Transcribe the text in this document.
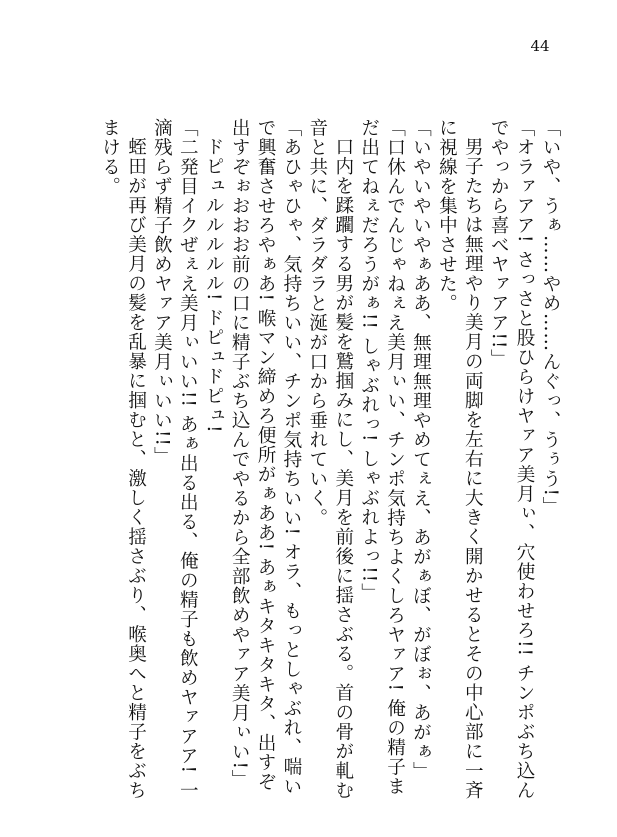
44

「いや、うぁ……やめ……んぐっ、うぅう!」

「オラァアア! さっさと股ひらけヤァア美月ぃ、穴使わせろ!! チンポぶち込んでやっから喜べヤァアア!!」

男子たちは無理やり美月の両脚を左右に大きく開かせるとその中心部に一斉に視線を集中させた。

「いやいやいやぁああ、無理無理やめてぇえ、あがぁぼ、がぼぉ、あがぁ」

「口休んでんじゃねぇえ美月ぃい、チンポ気持ちよくしろヤァア! 俺の精子まだ出てねぇだろうがぁ!! しゃぶれっ! しゃぶれよっ!!」

口内を蹂躙する男が髪を鷲掴みにし、美月を前後に揺さぶる。首の骨が軋む音と共に、ダラダラと涎が口から垂れていく。

「あひゃひゃ、気持ちいい、チンポ気持ちいい! オラ、もっとしゃぶれ、喘いで興奮させろやぁあ! 喉マン締めろ便所がぁああ! あぁキタキタキタ、出すぞ出すぞぉおおお前の口に精子ぶち込んでやるから全部飲めやァア美月ぃい!」

ドピュルルルルル! ドピュドピュ!

「二発目イクぜぇえ美月ぃいい!! あぁ出る出る、俺の精子も飲めヤァアア! 一滴残らず精子飲めヤァア美月ぃいい!!」

蛭田が再び美月の髪を乱暴に掴むと、激しく揺さぶり、喉奥へと精子をぶちまける。
